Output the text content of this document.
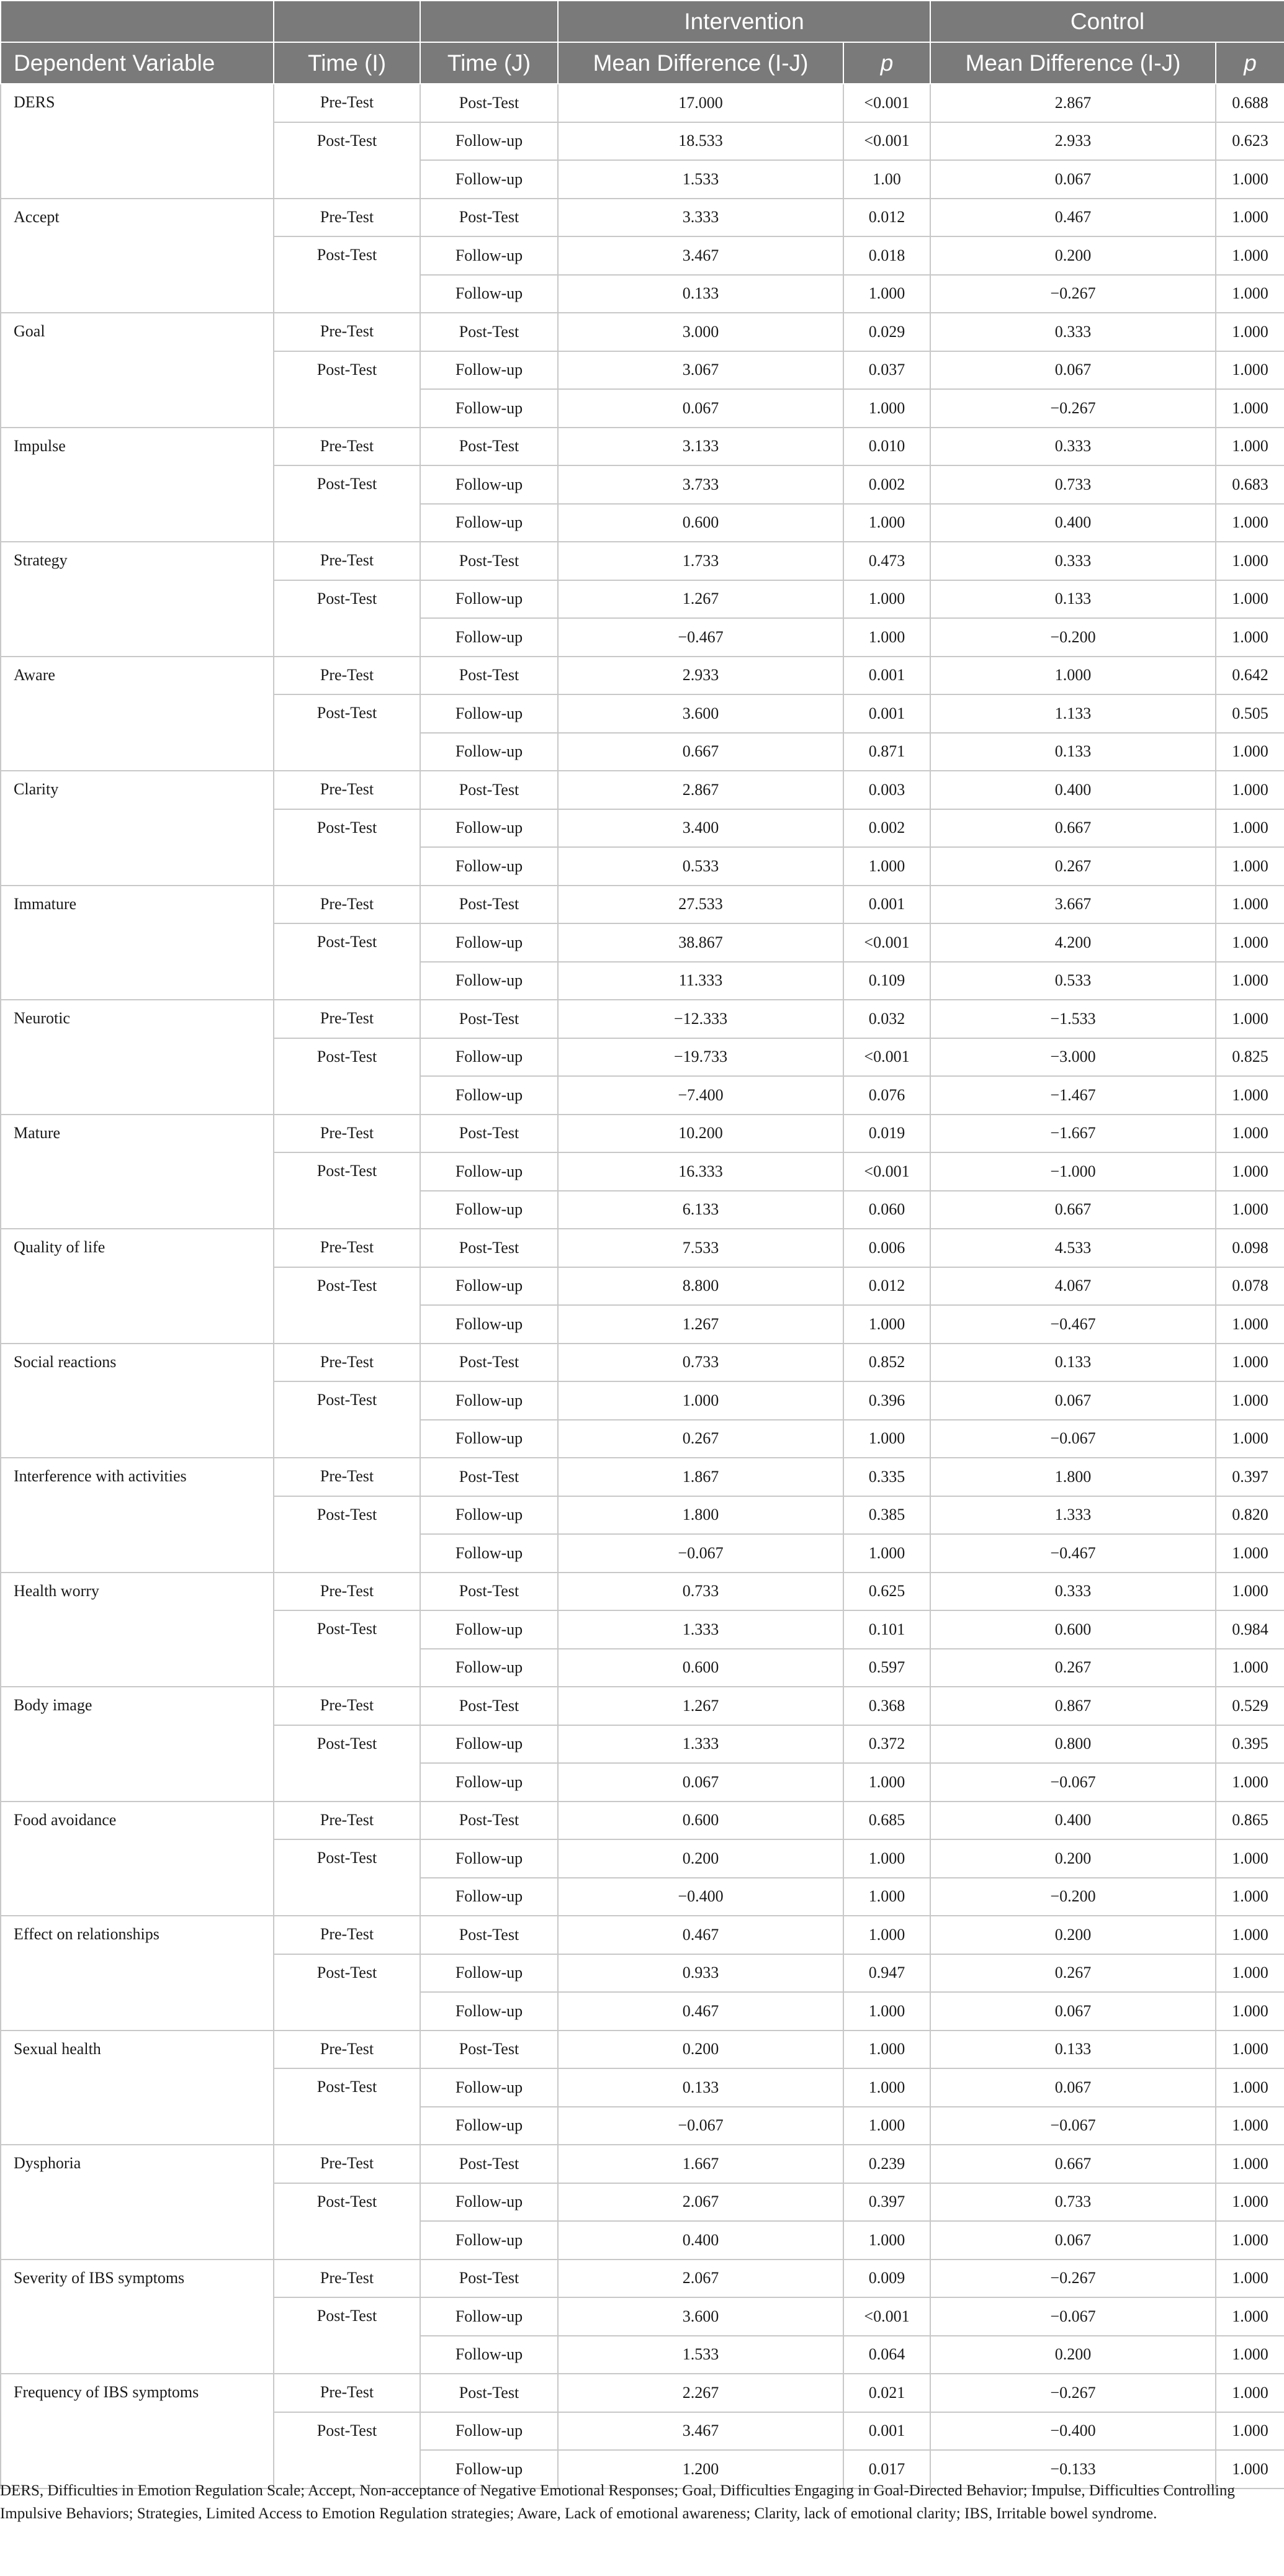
			Intervention		Control	
Dependent Variable	Time (I)	Time (J)	Mean Difference (I-J)	p	Mean Difference (I-J)	p
DERS	Pre-Test	Post-Test	17.000	<0.001	2.867	0.688
	Post-Test	Follow-up	18.533	<0.001	2.933	0.623
		Follow-up	1.533	1.00	0.067	1.000
Accept	Pre-Test	Post-Test	3.333	0.012	0.467	1.000
	Post-Test	Follow-up	3.467	0.018	0.200	1.000
		Follow-up	0.133	1.000	−0.267	1.000
Goal	Pre-Test	Post-Test	3.000	0.029	0.333	1.000
	Post-Test	Follow-up	3.067	0.037	0.067	1.000
		Follow-up	0.067	1.000	−0.267	1.000
Impulse	Pre-Test	Post-Test	3.133	0.010	0.333	1.000
	Post-Test	Follow-up	3.733	0.002	0.733	0.683
		Follow-up	0.600	1.000	0.400	1.000
Strategy	Pre-Test	Post-Test	1.733	0.473	0.333	1.000
	Post-Test	Follow-up	1.267	1.000	0.133	1.000
		Follow-up	−0.467	1.000	−0.200	1.000
Aware	Pre-Test	Post-Test	2.933	0.001	1.000	0.642
	Post-Test	Follow-up	3.600	0.001	1.133	0.505
		Follow-up	0.667	0.871	0.133	1.000
Clarity	Pre-Test	Post-Test	2.867	0.003	0.400	1.000
	Post-Test	Follow-up	3.400	0.002	0.667	1.000
		Follow-up	0.533	1.000	0.267	1.000
Immature	Pre-Test	Post-Test	27.533	0.001	3.667	1.000
	Post-Test	Follow-up	38.867	<0.001	4.200	1.000
		Follow-up	11.333	0.109	0.533	1.000
Neurotic	Pre-Test	Post-Test	−12.333	0.032	−1.533	1.000
	Post-Test	Follow-up	−19.733	<0.001	−3.000	0.825
		Follow-up	−7.400	0.076	−1.467	1.000
Mature	Pre-Test	Post-Test	10.200	0.019	−1.667	1.000
	Post-Test	Follow-up	16.333	<0.001	−1.000	1.000
		Follow-up	6.133	0.060	0.667	1.000
Quality of life	Pre-Test	Post-Test	7.533	0.006	4.533	0.098
	Post-Test	Follow-up	8.800	0.012	4.067	0.078
		Follow-up	1.267	1.000	−0.467	1.000
Social reactions	Pre-Test	Post-Test	0.733	0.852	0.133	1.000
	Post-Test	Follow-up	1.000	0.396	0.067	1.000
		Follow-up	0.267	1.000	−0.067	1.000
Interference with activities	Pre-Test	Post-Test	1.867	0.335	1.800	0.397
	Post-Test	Follow-up	1.800	0.385	1.333	0.820
		Follow-up	−0.067	1.000	−0.467	1.000
Health worry	Pre-Test	Post-Test	0.733	0.625	0.333	1.000
	Post-Test	Follow-up	1.333	0.101	0.600	0.984
		Follow-up	0.600	0.597	0.267	1.000
Body image	Pre-Test	Post-Test	1.267	0.368	0.867	0.529
	Post-Test	Follow-up	1.333	0.372	0.800	0.395
		Follow-up	0.067	1.000	−0.067	1.000
Food avoidance	Pre-Test	Post-Test	0.600	0.685	0.400	0.865
	Post-Test	Follow-up	0.200	1.000	0.200	1.000
		Follow-up	−0.400	1.000	−0.200	1.000
Effect on relationships	Pre-Test	Post-Test	0.467	1.000	0.200	1.000
	Post-Test	Follow-up	0.933	0.947	0.267	1.000
		Follow-up	0.467	1.000	0.067	1.000
Sexual health	Pre-Test	Post-Test	0.200	1.000	0.133	1.000
	Post-Test	Follow-up	0.133	1.000	0.067	1.000
		Follow-up	−0.067	1.000	−0.067	1.000
Dysphoria	Pre-Test	Post-Test	1.667	0.239	0.667	1.000
	Post-Test	Follow-up	2.067	0.397	0.733	1.000
		Follow-up	0.400	1.000	0.067	1.000
Severity of IBS symptoms	Pre-Test	Post-Test	2.067	0.009	−0.267	1.000
	Post-Test	Follow-up	3.600	<0.001	−0.067	1.000
		Follow-up	1.533	0.064	0.200	1.000
Frequency of IBS symptoms	Pre-Test	Post-Test	2.267	0.021	−0.267	1.000
	Post-Test	Follow-up	3.467	0.001	−0.400	1.000
		Follow-up	1.200	0.017	−0.133	1.000
DERS, Difficulties in Emotion Regulation Scale; Accept, Non-acceptance of Negative Emotional Responses; Goal, Difficulties Engaging in Goal-Directed Behavior; Impulse, Difficulties Controlling Impulsive Behaviors; Strategies, Limited Access to Emotion Regulation strategies; Aware, Lack of emotional awareness; Clarity, lack of emotional clarity; IBS, Irritable bowel syndrome.
